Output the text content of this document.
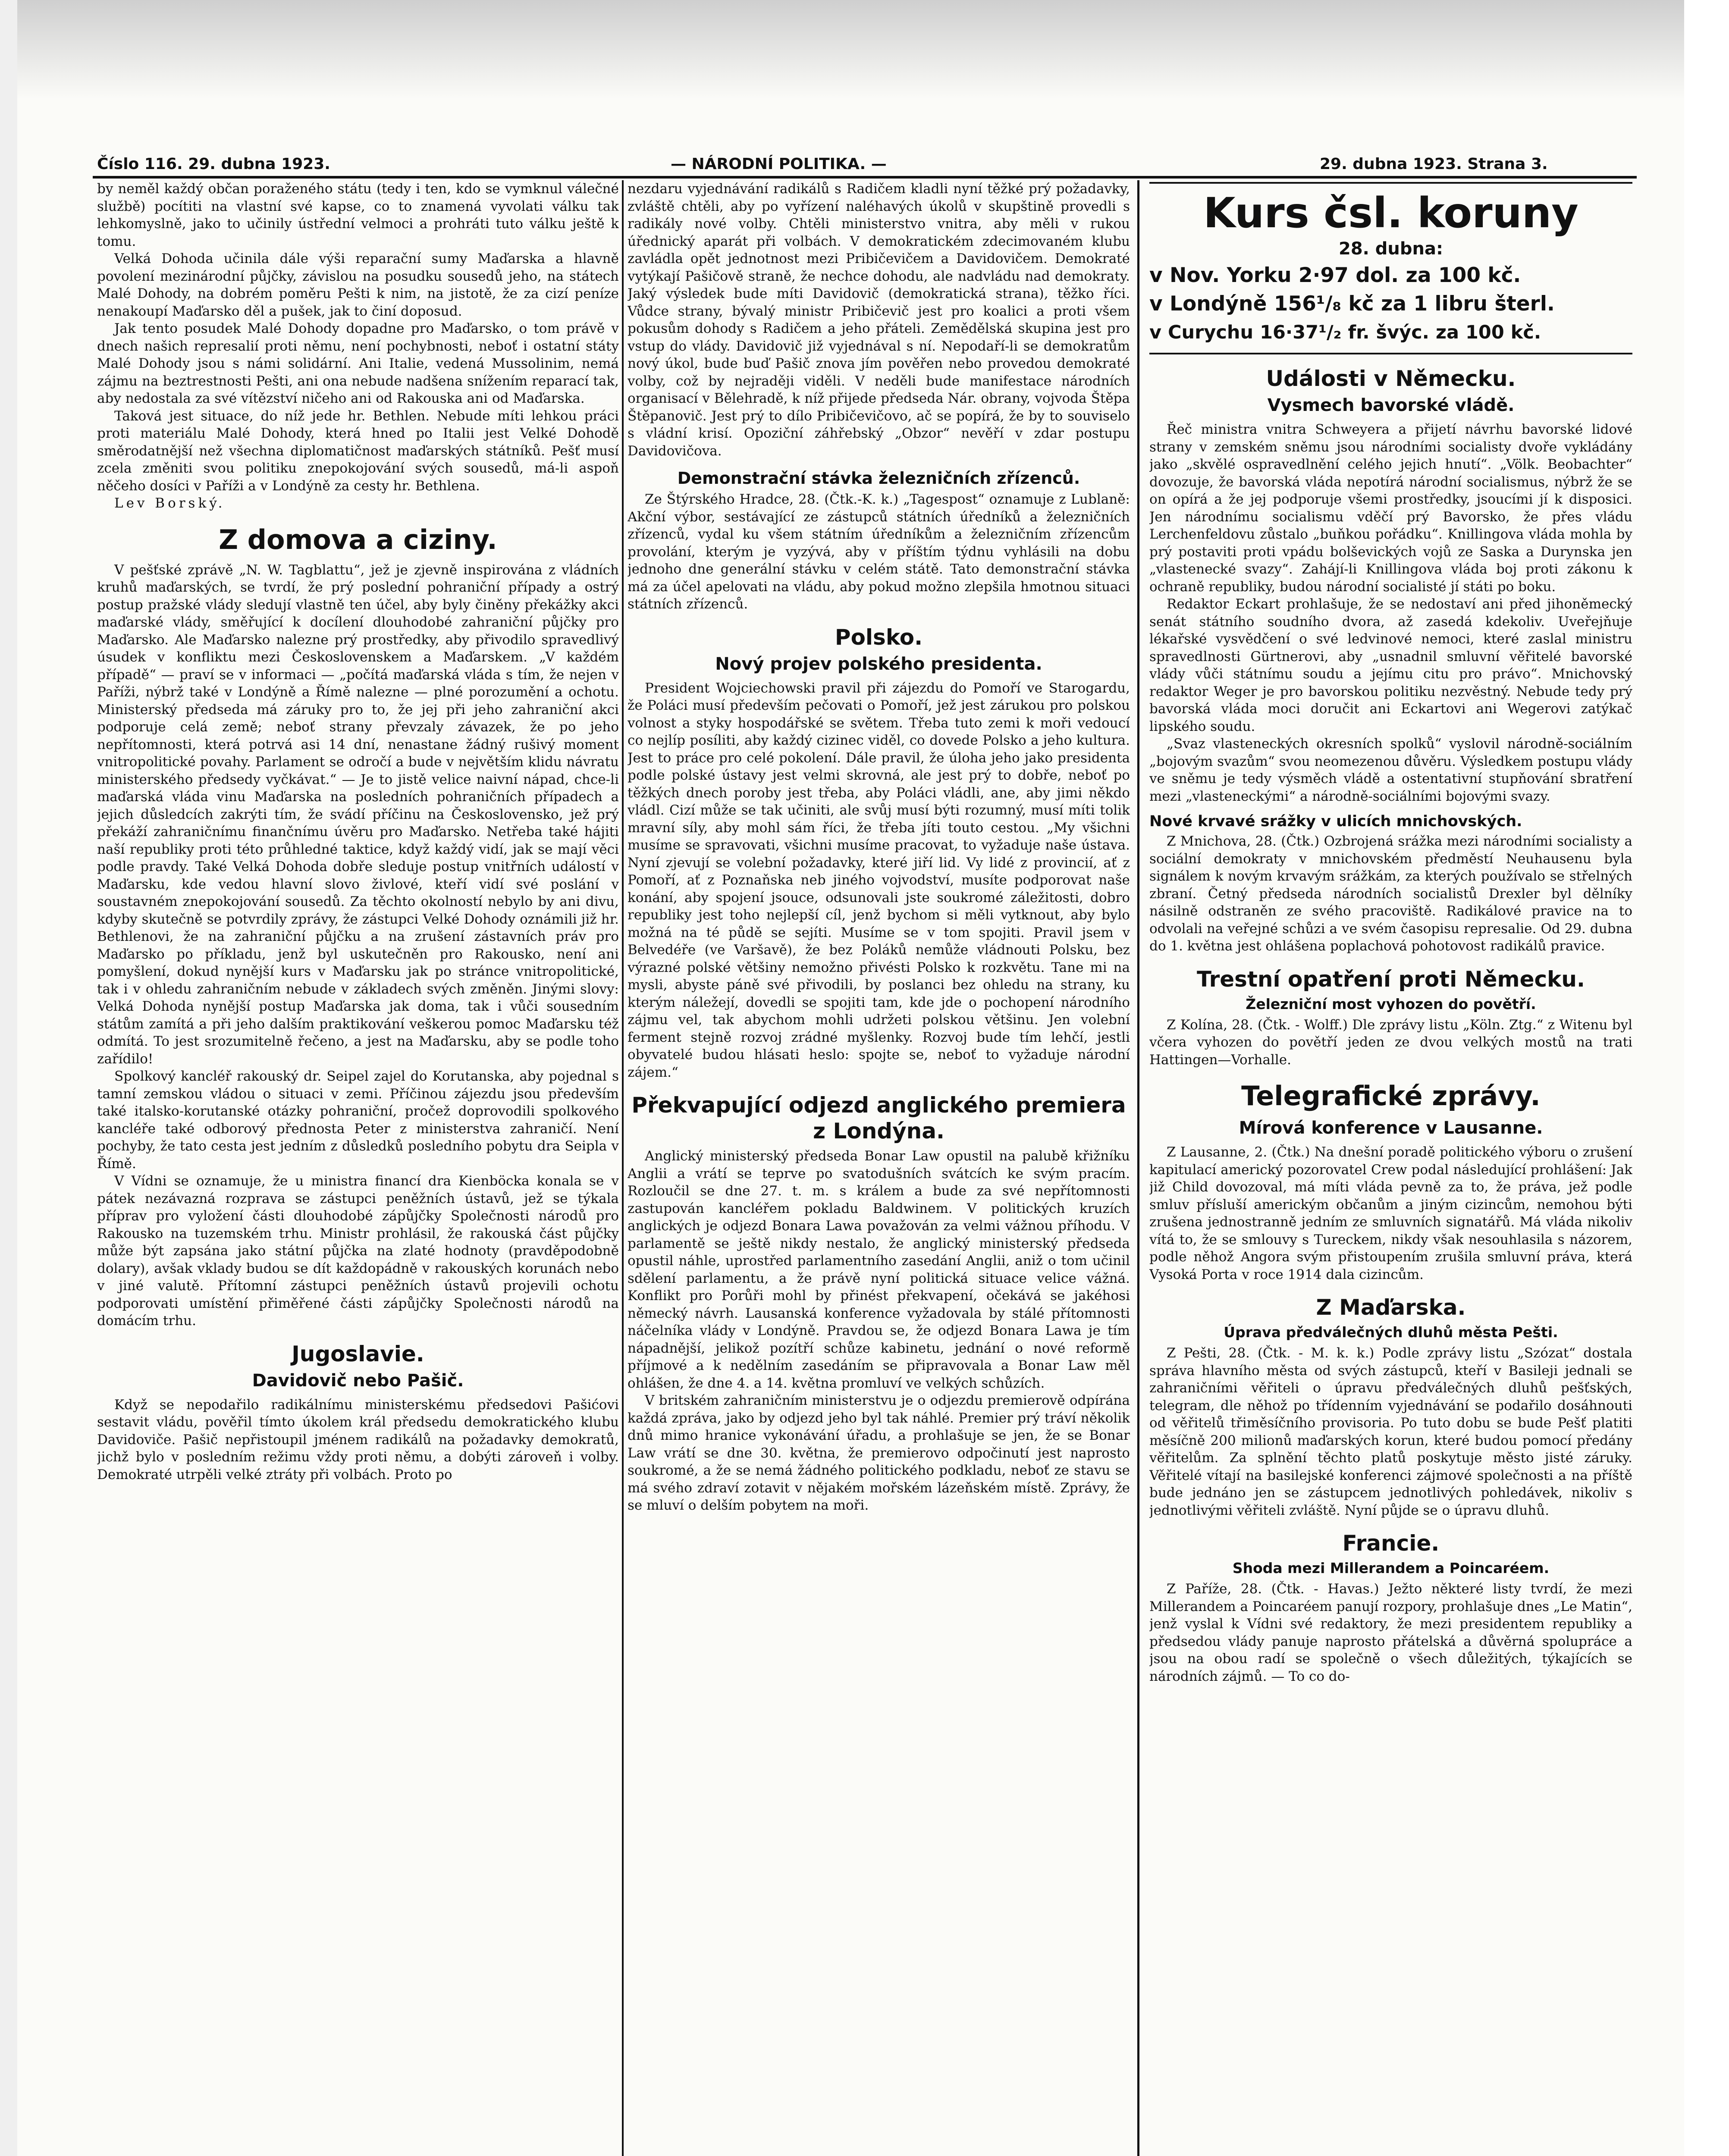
Číslo 116. 29. dubna 1923.	— NÁRODNÍ POLITIKA. —	29. dubna 1923. Strana 3.

by neměl každý občan poraženého státu (tedy i ten, kdo se vymknul válečné službě) pocítiti na vlastní své kapse, co to znamená vyvolati válku tak lehkomyslně, jako to učinily ústřední velmoci a prohráti tuto válku ještě k tomu.

Velká Dohoda učinila dále výši reparační sumy Maďarska a hlavně povolení mezinárodní půjčky, závislou na posudku sousedů jeho, na státech Malé Dohody, na dobrém poměru Pešti k nim, na jistotě, že za cizí peníze nenakoupí Maďarsko děl a pušek, jak to činí doposud.

Jak tento posudek Malé Dohody dopadne pro Maďarsko, o tom právě v dnech našich represalií proti němu, není pochybnosti, neboť i ostatní státy Malé Dohody jsou s námi solidární. Ani Italie, vedená Mussolinim, nemá zájmu na beztrestnosti Pešti, ani ona nebude nadšena snížením reparací tak, aby nedostala za své vítězství ničeho ani od Rakouska ani od Maďarska.

Taková jest situace, do níž jede hr. Bethlen. Nebude míti lehkou práci proti materiálu Malé Dohody, která hned po Italii jest Velké Dohodě směrodatnější než všechna diplomatičnost maďarských státníků. Pešť musí zcela změniti svou politiku znepokojování svých sousedů, má-li aspoň něčeho dosíci v Paříži a v Londýně za cesty hr. Bethlena.

Lev Borský.

Z domova a ciziny.

V pešťské zprávě „N. W. Tagblattu“, jež je zjevně inspirována z vládních kruhů maďarských, se tvrdí, že prý poslední pohraniční případy a ostrý postup pražské vlády sledují vlastně ten účel, aby byly činěny překážky akci maďarské vlády, směřující k docílení dlouhodobé zahraniční půjčky pro Maďarsko. Ale Maďarsko nalezne prý prostředky, aby přivodilo spravedlivý úsudek v konfliktu mezi Československem a Maďarskem. „V každém případě“ — praví se v informaci — „počítá maďarská vláda s tím, že nejen v Paříži, nýbrž také v Londýně a Římě nalezne — plné porozumění a ochotu. Ministerský předseda má záruky pro to, že jej při jeho zahraniční akci podporuje celá země; neboť strany převzaly závazek, že po jeho nepřítomnosti, která potrvá asi 14 dní, nenastane žádný rušivý moment vnitropolitické povahy. Parlament se odročí a bude v největším klidu návratu ministerského předsedy vyčkávat.“ — Je to jistě velice naivní nápad, chce-li maďarská vláda vinu Maďarska na posledních pohraničních případech a jejich důsledcích zakrýti tím, že svádí příčinu na Československo, jež prý překáží zahraničnímu finančnímu úvěru pro Maďarsko. Netřeba také hájiti naší republiky proti této průhledné taktice, když každý vidí, jak se mají věci podle pravdy. Také Velká Dohoda dobře sleduje postup vnitřních událostí v Maďarsku, kde vedou hlavní slovo živlové, kteří vidí své poslání v soustavném znepokojování sousedů. Za těchto okolností nebylo by ani divu, kdyby skutečně se potvrdily zprávy, že zástupci Velké Dohody oznámili již hr. Bethlenovi, že na zahraniční půjčku a na zrušení zástavních práv pro Maďarsko po příkladu, jenž byl uskutečněn pro Rakousko, není ani pomyšlení, dokud nynější kurs v Maďarsku jak po stránce vnitropolitické, tak i v ohledu zahraničním nebude v základech svých změněn. Jinými slovy: Velká Dohoda nynější postup Maďarska jak doma, tak i vůči sousedním státům zamítá a při jeho dalším praktikování veškerou pomoc Maďarsku též odmítá. To jest srozumitelně řečeno, a jest na Maďarsku, aby se podle toho zařídilo!

Spolkový kancléř rakouský dr. Seipel zajel do Korutanska, aby pojednal s tamní zemskou vládou o situaci v zemi. Příčinou zájezdu jsou především také italsko-korutanské otázky pohraniční, pročež doprovodili spolkového kancléře také odborový přednosta Peter z ministerstva zahraničí. Není pochyby, že tato cesta jest jedním z důsledků posledního pobytu dra Seipla v Římě.

V Vídni se oznamuje, že u ministra financí dra Kienböcka konala se v pátek nezávazná rozprava se zástupci peněžních ústavů, jež se týkala příprav pro vyložení části dlouhodobé zápůjčky Společnosti národů pro Rakousko na tuzemském trhu. Ministr prohlásil, že rakouská část půjčky může být zapsána jako státní půjčka na zlaté hodnoty (pravděpodobně dolary), avšak vklady budou se dít každopádně v rakouských korunách nebo v jiné valutě. Přítomní zástupci peněžních ústavů projevili ochotu podporovati umístění přiměřené části zápůjčky Společnosti národů na domácím trhu.

Jugoslavie.
Davidovič nebo Pašič.

Když se nepodařilo radikálnímu ministerskému předsedovi Pašićovi sestavit vládu, pověřil tímto úkolem král předsedu demokratického klubu Davidoviče. Pašič nepřistoupil jménem radikálů na požadavky demokratů, jichž bylo v posledním režimu vždy proti němu, a dobýti zároveň i volby. Demokraté utrpěli velké ztráty při volbách. Proto po

nezdaru vyjednávání radikálů s Radičem kladli nyní těžké prý požadavky, zvláště chtěli, aby po vyřízení naléhavých úkolů v skupštině provedli s radikály nové volby. Chtěli ministerstvo vnitra, aby měli v rukou úřednický aparát při volbách. V demokratickém zdecimovaném klubu zavládla opět jednotnost mezi Pribičevičem a Davidovičem. Demokraté vytýkají Pašičově straně, že nechce dohodu, ale nadvládu nad demokraty. Jaký výsledek bude míti Davidovič (demokratická strana), těžko říci. Vůdce strany, bývalý ministr Pribičevič jest pro koalici a proti všem pokusům dohody s Radičem a jeho přáteli. Zemědělská skupina jest pro vstup do vlády. Davidovič již vyjednával s ní. Nepodaří-li se demokratům nový úkol, bude buď Pašič znova jím pověřen nebo provedou demokraté volby, což by nejraději viděli. V neděli bude manifestace národních organisací v Bělehradě, k níž přijede předseda Nár. obrany, vojvoda Štěpa Štěpanovič. Jest prý to dílo Pribičevičovo, ač se popírá, že by to souviselo s vládní krisí. Opoziční záhřebský „Obzor“ nevěří v zdar postupu Davidovičova.

Demonstrační stávka železničních zřízenců.

Ze Štýrského Hradce, 28. (Čtk.-K. k.) „Tagespost“ oznamuje z Lublaně: Akční výbor, sestávající ze zástupců státních úředníků a železničních zřízenců, vydal ku všem státním úředníkům a železničním zřízencům provolání, kterým je vyzývá, aby v příštím týdnu vyhlásili na dobu jednoho dne generální stávku v celém státě. Tato demonstrační stávka má za účel apelovati na vládu, aby pokud možno zlepšila hmotnou situaci státních zřízenců.

Polsko.
Nový projev polského presidenta.

President Wojciechowski pravil při zájezdu do Pomoří ve Starogardu, že Poláci musí především pečovati o Pomoří, jež jest zárukou pro polskou volnost a styky hospodářské se světem. Třeba tuto zemi k moři vedoucí co nejlíp posíliti, aby každý cizinec viděl, co dovede Polsko a jeho kultura. Jest to práce pro celé pokolení. Dále pravil, že úloha jeho jako presidenta podle polské ústavy jest velmi skrovná, ale jest prý to dobře, neboť po těžkých dnech poroby jest třeba, aby Poláci vládli, ane, aby jimi někdo vládl. Cizí může se tak učiniti, ale svůj musí býti rozumný, musí míti tolik mravní síly, aby mohl sám říci, že třeba jíti touto cestou. „My všichni musíme se spravovati, všichni musíme pracovat, to vyžaduje naše ústava. Nyní zjevují se volební požadavky, které jiří lid. Vy lidé z provincií, ať z Pomoří, ať z Poznaňska neb jiného vojvodství, musíte podporovat naše konání, aby spojení jsouce, odsunovali jste soukromé záležitosti, dobro republiky jest toho nejlepší cíl, jenž bychom si měli vytknout, aby bylo možná na té půdě se sejíti. Musíme se v tom spojiti. Pravil jsem v Belvedéře (ve Varšavě), že bez Poláků nemůže vládnouti Polsku, bez výrazné polské většiny nemožno přivésti Polsko k rozkvětu. Tane mi na mysli, abyste páně své přivodili, by poslanci bez ohledu na strany, ku kterým náležejí, dovedli se spojiti tam, kde jde o pochopení národního zájmu vel, tak abychom mohli udržeti polskou většinu. Jen volební ferment stejně rozvoj zrádné myšlenky. Rozvoj bude tím lehčí, jestli obyvatelé budou hlásati heslo: spojte se, neboť to vyžaduje národní zájem.“

Překvapující odjezd anglického premiera z Londýna.

Anglický ministerský předseda Bonar Law opustil na palubě křižníku Anglii a vrátí se teprve po svatodušních svátcích ke svým pracím. Rozloučil se dne 27. t. m. s králem a bude za své nepřítomnosti zastupován kancléřem pokladu Baldwinem. V politických kruzích anglických je odjezd Bonara Lawa považován za velmi vážnou příhodu. V parlamentě se ještě nikdy nestalo, že anglický ministerský předseda opustil náhle, uprostřed parlamentního zasedání Anglii, aniž o tom učinil sdělení parlamentu, a že právě nyní politická situace velice vážná. Konflikt pro Porůři mohl by přinést překvapení, očekává se jakéhosi německý návrh. Lausanská konference vyžadovala by stálé přítomnosti náčelníka vlády v Londýně. Pravdou se, že odjezd Bonara Lawa je tím nápadnější, jelikož pozítří schůze kabinetu, jednání o nové reformě příjmové a k nedělním zasedáním se připravovala a Bonar Law měl ohlášen, že dne 4. a 14. května promluví ve velkých schůzích.

V britském zahraničním ministerstvu je o odjezdu premierově odpírána každá zpráva, jako by odjezd jeho byl tak náhlé. Premier prý tráví několik dnů mimo hranice vykonávání úřadu, a prohlašuje se jen, že se Bonar Law vrátí se dne 30. května, že premierovo odpočinutí jest naprosto soukromé, a že se nemá žádného politického podkladu, neboť ze stavu se má svého zdraví zotavit v nějakém mořském lázeňském místě. Zprávy, že se mluví o delším pobytem na moři.

Kurs čsl. koruny
28. dubna:
v Nov. Yorku 2·97 dol. za 100 kč.
v Londýně 156¹/₈ kč za 1 libru šterl.
v Curychu 16·37¹/₂ fr. švýc. za 100 kč.
Události v Německu.
Vysmech bavorské vládě.

Řeč ministra vnitra Schweyera a přijetí návrhu bavorské lidové strany v zemském sněmu jsou národními socialisty dvoře vykládány jako „skvělé ospravedlnění celého jejich hnutí“. „Völk. Beobachter“ dovozuje, že bavorská vláda nepotírá národní socialismus, nýbrž že se on opírá a že jej podporuje všemi prostředky, jsoucími jí k disposici. Jen národnímu socialismu vděčí prý Bavorsko, že přes vládu Lerchenfeldovu zůstalo „buňkou pořádku“. Knillingova vláda mohla by prý postaviti proti vpádu bolševických vojů ze Saska a Durynska jen „vlastenecké svazy“. Zahájí-li Knillingova vláda boj proti zákonu k ochraně republiky, budou národní socialisté jí státi po boku.

Redaktor Eckart prohlašuje, že se nedostaví ani před jihoněmecký senát státního soudního dvora, až zasedá kdekoliv. Uveřejňuje lékařské vysvědčení o své ledvinové nemoci, které zaslal ministru spravedlnosti Gürtnerovi, aby „usnadnil smluvní věřitelé bavorské vlády vůči státnímu soudu a jejímu citu pro právo“. Mnichovský redaktor Weger je pro bavorskou politiku nezvěstný. Nebude tedy prý bavorská vláda moci doručit ani Eckartovi ani Wegerovi zatýkač lipského soudu.

„Svaz vlasteneckých okresních spolků“ vyslovil národně-sociálním „bojovým svazům“ svou neomezenou důvěru. Výsledkem postupu vlády ve sněmu je tedy výsměch vládě a ostentativní stupňování sbratření mezi „vlasteneckými“ a národně-sociálními bojovými svazy.

Nové krvavé srážky v ulicích mnichovských.

Z Mnichova, 28. (Čtk.) Ozbrojená srážka mezi národními socialisty a sociální demokraty v mnichovském předměstí Neuhausenu byla signálem k novým krvavým srážkám, za kterých používalo se střelných zbraní. Četný předseda národních socialistů Drexler byl dělníky násilně odstraněn ze svého pracoviště. Radikálové pravice na to odvolali na veřejné schůzi a ve svém časopisu represalie. Od 29. dubna do 1. května jest ohlášena poplachová pohotovost radikálů pravice.

Trestní opatření proti Německu.
Železniční most vyhozen do povětří.

Z Kolína, 28. (Čtk. - Wolff.) Dle zprávy listu „Köln. Ztg.“ z Witenu byl včera vyhozen do povětří jeden ze dvou velkých mostů na trati Hattingen—Vorhalle.

Telegrafické zprávy.
Mírová konference v Lausanne.

Z Lausanne, 2. (Čtk.) Na dnešní poradě politického výboru o zrušení kapitulací americký pozorovatel Crew podal následující prohlášení: Jak již Child dovozoval, má míti vláda pevně za to, že práva, jež podle smluv přísluší americkým občanům a jiným cizincům, nemohou býti zrušena jednostranně jedním ze smluvních signatářů. Má vláda nikoliv vítá to, že se smlouvy s Tureckem, nikdy však nesouhlasila s názorem, podle něhož Angora svým přistoupením zrušila smluvní práva, která Vysoká Porta v roce 1914 dala cizincům.

Z Maďarska.
Úprava předválečných dluhů města Pešti.

Z Pešti, 28. (Čtk. - M. k. k.) Podle zprávy listu „Szózat“ dostala správa hlavního města od svých zástupců, kteří v Basileji jednali se zahraničními věřiteli o úpravu předválečných dluhů pešťských, telegram, dle něhož po třídenním vyjednávání se podařilo dosáhnouti od věřitelů třiměsíčního provisoria. Po tuto dobu se bude Pešť platiti měsíčně 200 milionů maďarských korun, které budou pomocí předány věřitelům. Za splnění těchto platů poskytuje město jisté záruky. Věřitelé vítají na basilejské konferenci zájmové společnosti a na příště bude jednáno jen se zástupcem jednotlivých pohledávek, nikoliv s jednotlivými věřiteli zvláště. Nyní půjde se o úpravu dluhů.

Francie.
Shoda mezi Millerandem a Poincaréem.

Z Paříže, 28. (Čtk. - Havas.) Ježto některé listy tvrdí, že mezi Millerandem a Poincaréem panují rozpory, prohlašuje dnes „Le Matin“, jenž vyslal k Vídni své redaktory, že mezi presidentem republiky a předsedou vlády panuje naprosto přátelská a důvěrná spolupráce a jsou na obou radí se společně o všech důležitých, týkajících se národních zájmů. — To co do-
